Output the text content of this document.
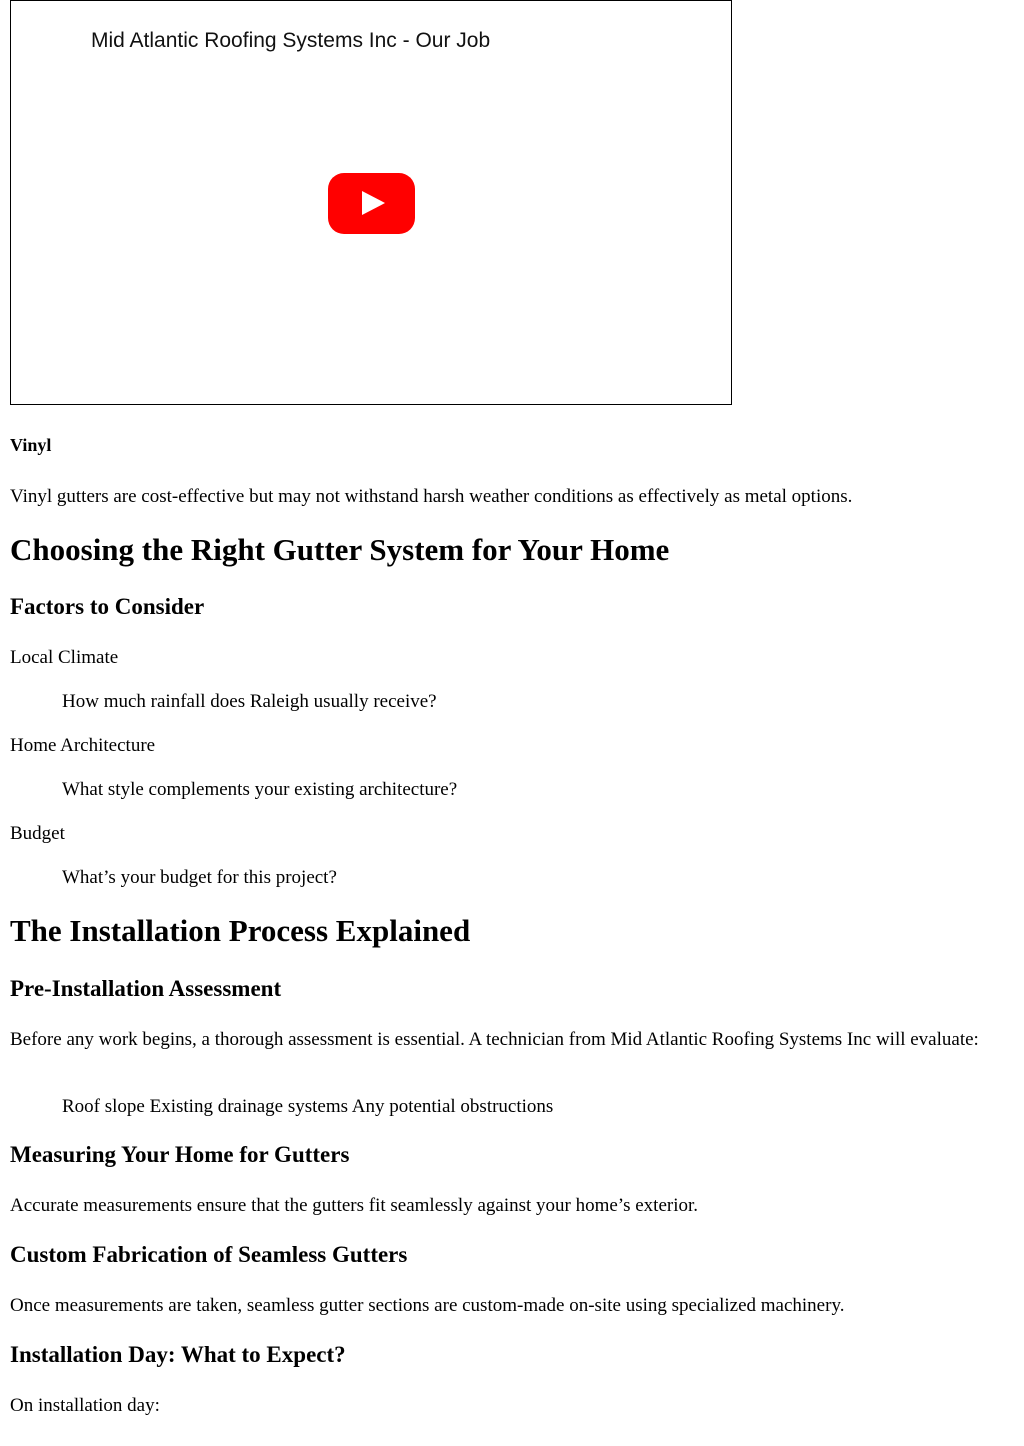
Mid Atlantic Roofing Systems Inc - Our Job
Vinyl

Vinyl gutters are cost-effective but may not withstand harsh weather conditions as effectively as metal options.

Choosing the Right Gutter System for Your Home
Factors to Consider
Local Climate
How much rainfall does Raleigh usually receive?
Home Architecture
What style complements your existing architecture?
Budget
What’s your budget for this project?
The Installation Process Explained
Pre-Installation Assessment

Before any work begins, a thorough assessment is essential. A technician from Mid Atlantic Roofing Systems Inc will evaluate:

Roof slope Existing drainage systems Any potential obstructions
Measuring Your Home for Gutters

Accurate measurements ensure that the gutters fit seamlessly against your home’s exterior.

Custom Fabrication of Seamless Gutters

Once measurements are taken, seamless gutter sections are custom-made on-site using specialized machinery.

Installation Day: What to Expect?

On installation day:
